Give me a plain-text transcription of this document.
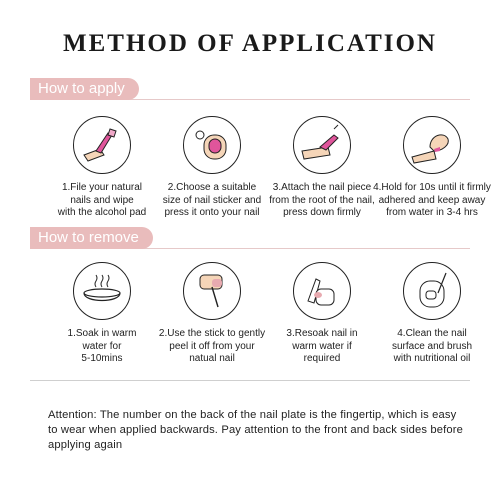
METHOD OF APPLICATION
How to apply
1.File your natural
nails and wipe
with the alcohol pad
2.Choose a suitable
size of nail sticker and
press it onto your nail
3.Attach the nail piece
from the root of the nail,
press down firmly
4.Hold for 10s until it firmly
adhered and keep away
from water in 3-4 hrs
How to remove
1.Soak in warm
water for
5-10mins
2.Use the stick to gently
peel it off from your
natual nail
3.Resoak nail in
warm water if
required
4.Clean the nail
surface and brush
with nutritional oil
Attention: The number on the back of the nail plate is the fingertip, which is easy to wear when applied backwards. Pay attention to the front and back sides before applying again
